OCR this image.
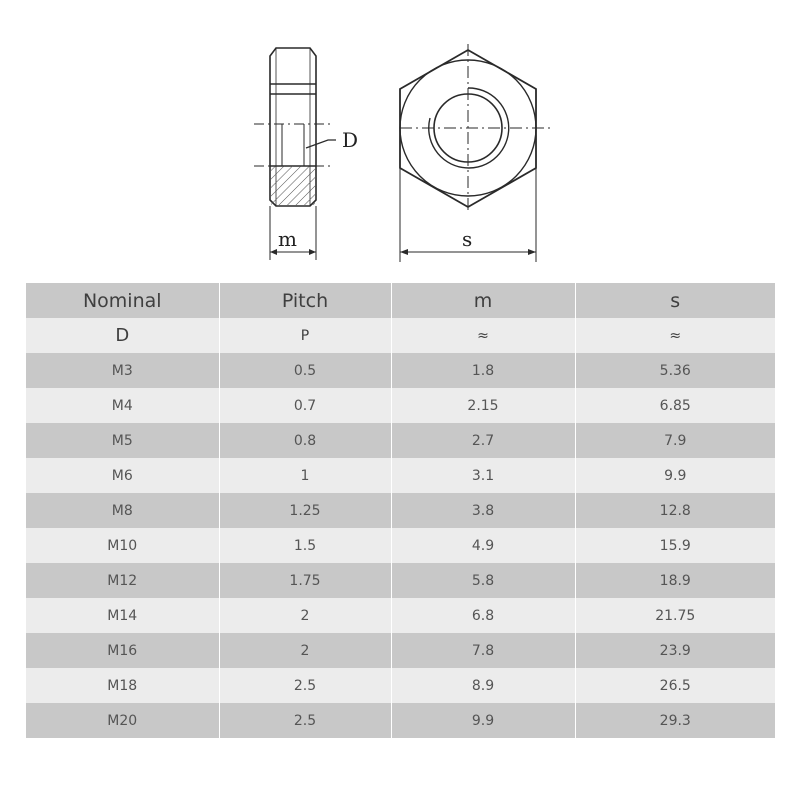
D
m	s
Nominal	Pitch	m	s
D	P	≈	≈
M3	0.5	1.8	5.36
M4	0.7	2.15	6.85
M5	0.8	2.7	7.9
M6	1	3.1	9.9
M8	1.25	3.8	12.8
M10	1.5	4.9	15.9
M12	1.75	5.8	18.9
M14	2	6.8	21.75
M16	2	7.8	23.9
M18	2.5	8.9	26.5
M20	2.5	9.9	29.3
